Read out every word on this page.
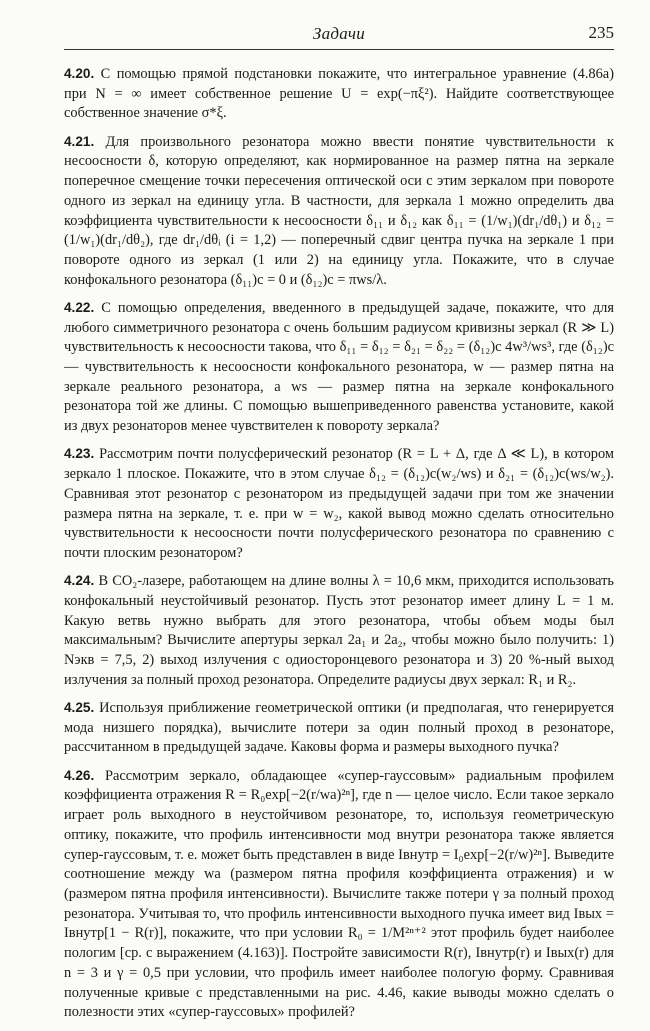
Задачи	235

4.20. С помощью прямой подстановки покажите, что интегральное уравнение (4.86а) при N = ∞ имеет собственное решение U = exp(−πξ²). Найдите соответствующее собственное значение σ*ξ.

4.21. Для произвольного резонатора можно ввести понятие чувствительности к несоосности δ, которую определяют, как нормированное на размер пятна на зеркале поперечное смещение точки пересечения оптической оси с этим зеркалом при повороте одного из зеркал на единицу угла. В частности, для зеркала 1 можно определить два коэффициента чувствительности к несоосности δ₁₁ и δ₁₂ как δ₁₁ = (1/w₁)(dr₁/dθ₁) и δ₁₂ = (1/w₁)(dr₁/dθ₂), где dr₁/dθᵢ (i = 1,2) — поперечный сдвиг центра пучка на зеркале 1 при повороте одного из зеркал (1 или 2) на единицу угла. Покажите, что в случае конфокального резонатора (δ₁₁)c = 0 и (δ₁₂)c = πws/λ.

4.22. С помощью определения, введенного в предыдущей задаче, покажите, что для любого симметричного резонатора с очень большим радиусом кривизны зеркал (R ≫ L) чувствительность к несоосности такова, что δ₁₁ = δ₁₂ = δ₂₁ = δ₂₂ = (δ₁₂)c 4w³/ws³, где (δ₁₂)c — чувствительность к несоосности конфокального резонатора, w — размер пятна на зеркале реального резонатора, а ws — размер пятна на зеркале конфокального резонатора той же длины. С помощью вышеприведенного равенства установите, какой из двух резонаторов менее чувствителен к повороту зеркала?

4.23. Рассмотрим почти полусферический резонатор (R = L + Δ, где Δ ≪ L), в котором зеркало 1 плоское. Покажите, что в этом случае δ₁₂ = (δ₁₂)c(w₂/ws) и δ₂₁ = (δ₁₂)c(ws/w₂). Сравнивая этот резонатор с резонатором из предыдущей задачи при том же значении размера пятна на зеркале, т. е. при w = w₂, какой вывод можно сделать относительно чувствительности к несоосности почти полусферического резонатора по сравнению с почти плоским резонатором?

4.24. В CO₂-лазере, работающем на длине волны λ = 10,6 мкм, приходится использовать конфокальный неустойчивый резонатор. Пусть этот резонатор имеет длину L = 1 м. Какую ветвь нужно выбрать для этого резонатора, чтобы объем моды был максимальным? Вычислите апертуры зеркал 2a₁ и 2a₂, чтобы можно было получить: 1) Nэкв = 7,5, 2) выход излучения с одиосторонцевого резонатора и 3) 20 %-ный выход излучения за полный проход резонатора. Определите радиусы двух зеркал: R₁ и R₂.

4.25. Используя приближение геометрической оптики (и предполагая, что генерируется мода низшего порядка), вычислите потери за один полный проход в резонаторе, рассчитанном в предыдущей задаче. Каковы форма и размеры выходного пучка?

4.26. Рассмотрим зеркало, обладающее «супер-гауссовым» радиальным профилем коэффициента отражения R = R₀exp[−2(r/wa)²ⁿ], где n — целое число. Если такое зеркало играет роль выходного в неустойчивом резонаторе, то, используя геометрическую оптику, покажите, что профиль интенсивности мод внутри резонатора также является супер-гауссовым, т. е. может быть представлен в виде Iвнутр = I₀exp[−2(r/w)²ⁿ]. Выведите соотношение между wa (размером пятна профиля коэффициента отражения) и w (размером пятна профиля интенсивности). Вычислите также потери γ за полный проход резонатора. Учитывая то, что профиль интенсивности выходного пучка имеет вид Iвых = Iвнутр[1 − R(r)], покажите, что при условии R₀ = 1/M²ⁿ⁺² этот профиль будет наиболее пологим [ср. с выражением (4.163)]. Постройте зависимости R(r), Iвнутр(r) и Iвых(r) для n = 3 и γ = 0,5 при условии, что профиль имеет наиболее пологую форму. Сравнивая полученные кривые с представленными на рис. 4.46, какие выводы можно сделать о полезности этих «супер-гауссовых» профилей?
